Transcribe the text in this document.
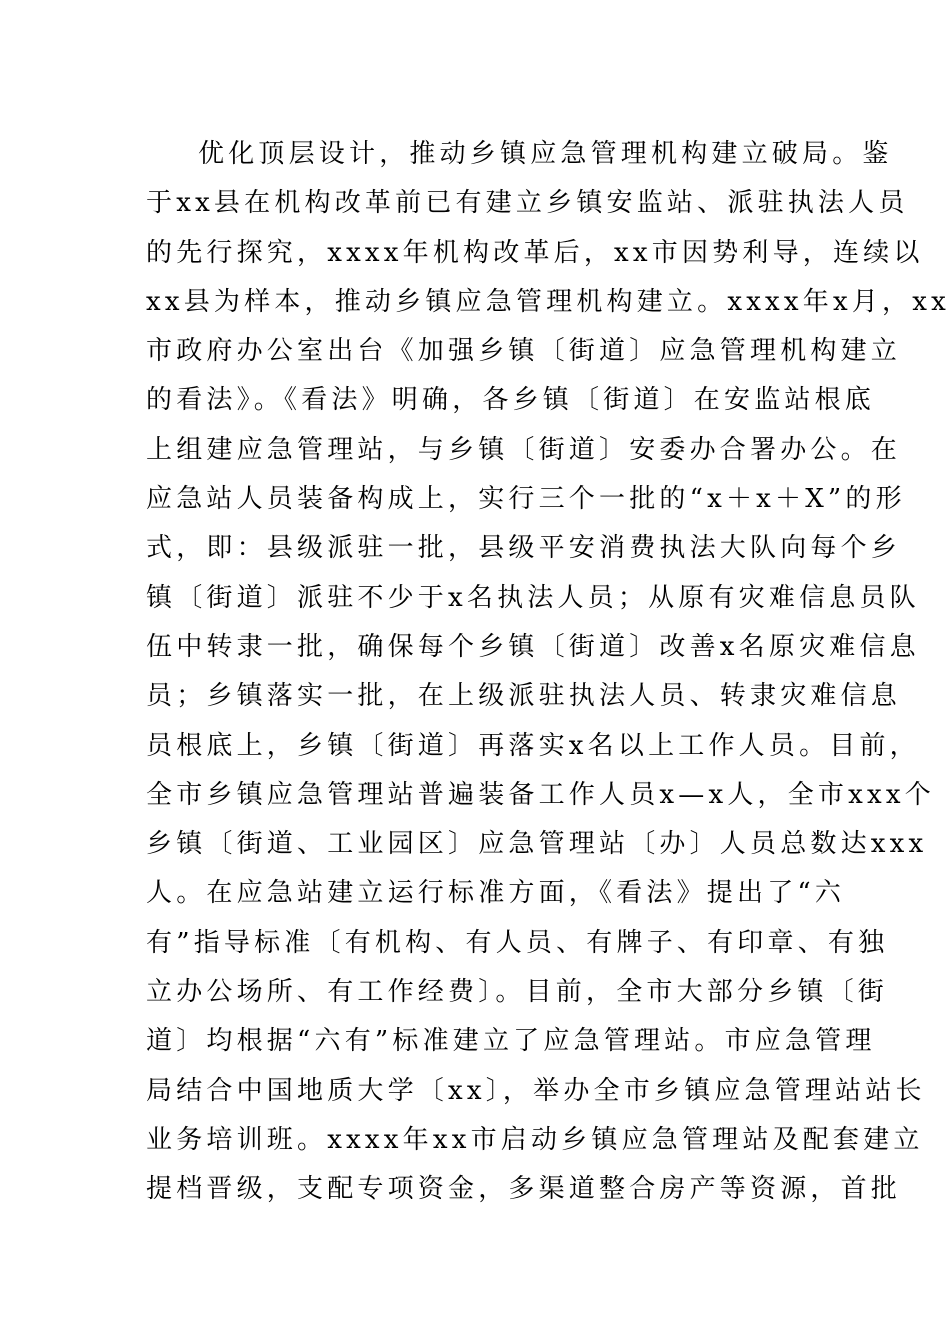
优化顶层设计，推动乡镇应急管理机构建立破局。鉴
于xx县在机构改革前已有建立乡镇安监站、派驻执法人员
的先行探究，xxxx年机构改革后，xx市因势利导，连续以
xx县为样本，推动乡镇应急管理机构建立。xxxx年x月，xx
市政府办公室出台《加强乡镇〔街道〕应急管理机构建立
的看法》。《看法》明确，各乡镇〔街道〕在安监站根底
上组建应急管理站，与乡镇〔街道〕安委办合署办公。在
应急站人员装备构成上，实行三个一批的“x＋x＋X”的形
式，即：县级派驻一批，县级平安消费执法大队向每个乡
镇〔街道〕派驻不少于x名执法人员；从原有灾难信息员队
伍中转隶一批，确保每个乡镇〔街道〕改善x名原灾难信息
员；乡镇落实一批，在上级派驻执法人员、转隶灾难信息
员根底上，乡镇〔街道〕再落实x名以上工作人员。目前，
全市乡镇应急管理站普遍装备工作人员x—x人，全市xxx个
乡镇〔街道、工业园区〕应急管理站〔办〕人员总数达xxx
人。在应急站建立运行标准方面，《看法》提出了“六
有”指导标准〔有机构、有人员、有牌子、有印章、有独
立办公场所、有工作经费〕。目前，全市大部分乡镇〔街
道〕均根据“六有”标准建立了应急管理站。市应急管理
局结合中国地质大学〔xx〕，举办全市乡镇应急管理站站长
业务培训班。xxxx年xx市启动乡镇应急管理站及配套建立
提档晋级，支配专项资金，多渠道整合房产等资源，首批
